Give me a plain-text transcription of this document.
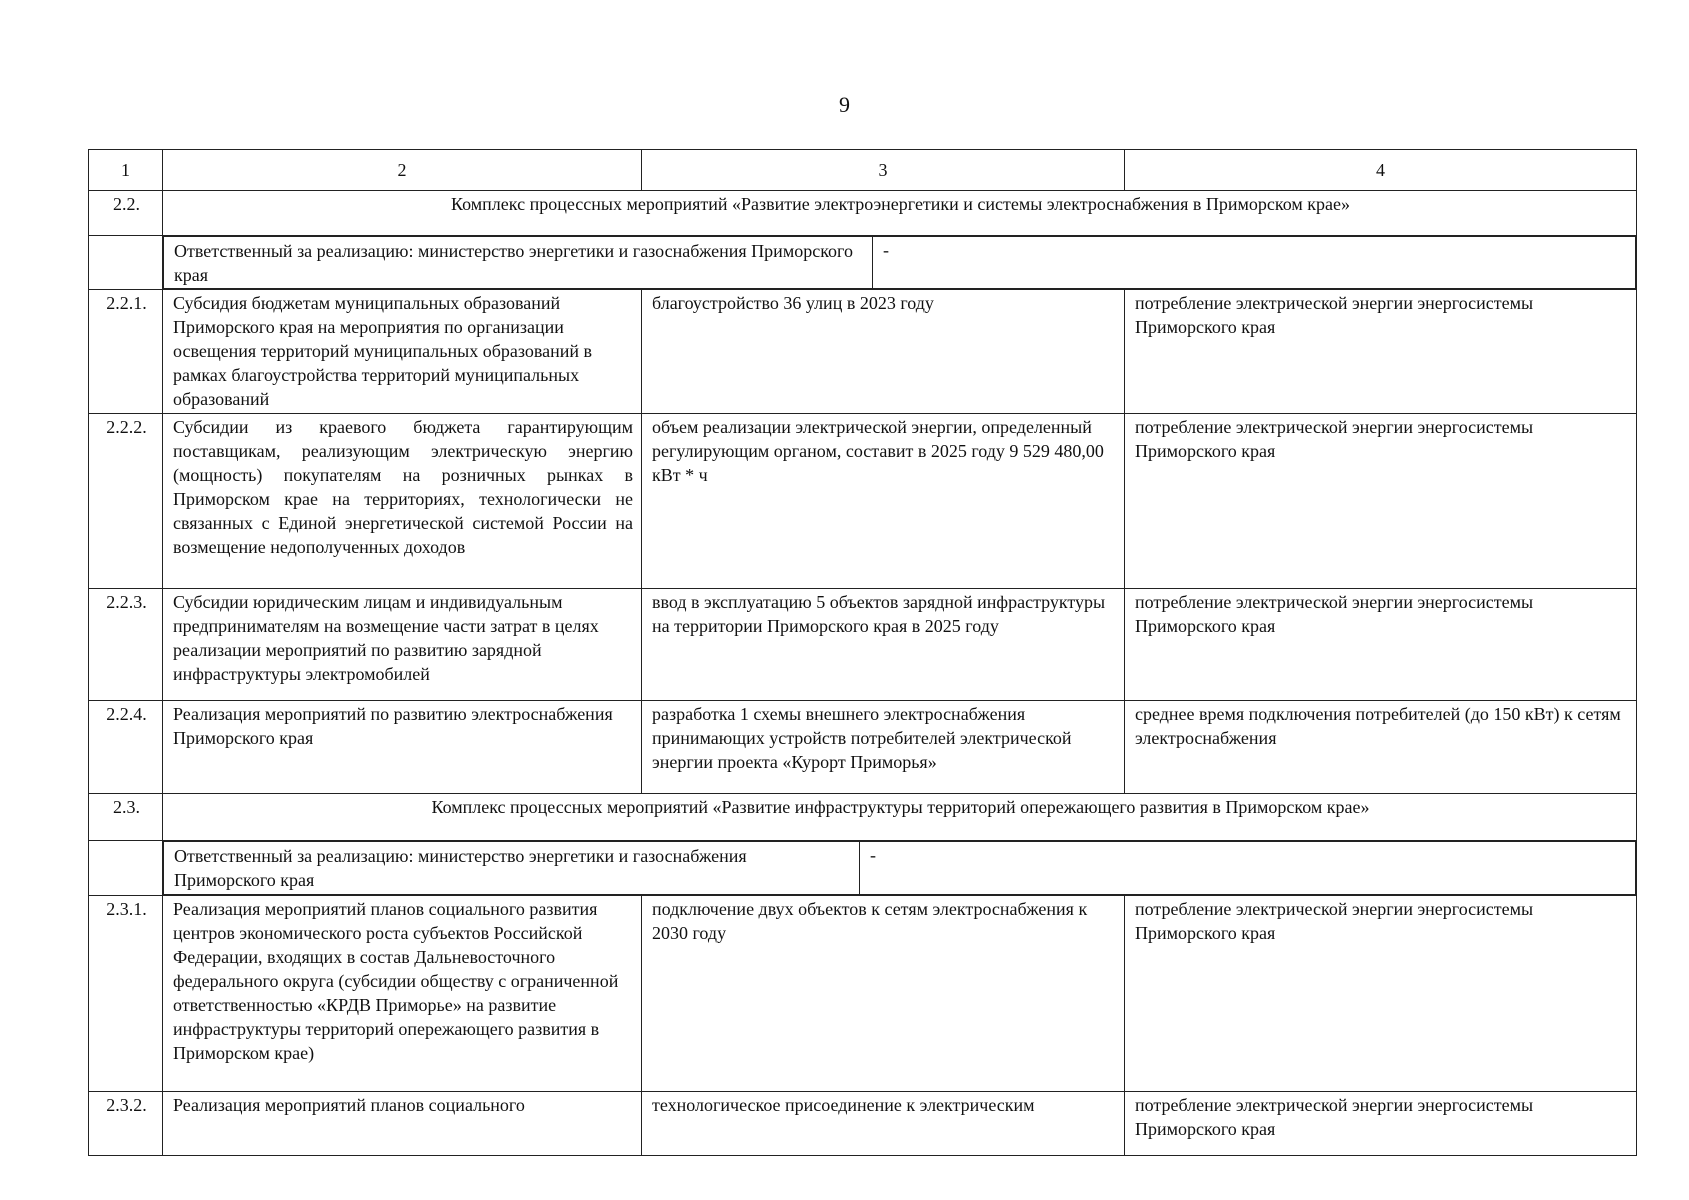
9
1	2	3	4
2.2.	Комплекс процессных мероприятий «Развитие электроэнергетики и системы электроснабжения в Приморском крае»

Ответственный за реализацию: министерство энергетики и газоснабжения Приморского края	-

2.2.1.	Субсидия бюджетам муниципальных образований Приморского края на мероприятия по организации освещения территорий муниципальных образований в рамках благоустройства территорий муниципальных образований	благоустройство 36 улиц в 2023 году	потребление электрической энергии энергосистемы Приморского края
2.2.2.	Субсидии из краевого бюджета гарантирующим поставщикам, реализующим электрическую энергию (мощность) покупателям на розничных рынках в Приморском крае на территориях, технологически не связанных с Единой энергетической системой России на возмещение недополученных доходов	объем реализации электрической энергии, определенный регулирующим органом, составит в 2025 году 9 529 480,00 кВт * ч	потребление электрической энергии энергосистемы Приморского края
2.2.3.	Субсидии юридическим лицам и индивидуальным предпринимателям на возмещение части затрат в целях реализации мероприятий по развитию зарядной инфраструктуры электромобилей	ввод в эксплуатацию 5 объектов зарядной инфраструктуры на территории Приморского края в 2025 году	потребление электрической энергии энергосистемы Приморского края
2.2.4.	Реализация мероприятий по развитию электроснабжения Приморского края	разработка 1 схемы внешнего электроснабжения принимающих устройств потребителей электрической энергии проекта «Курорт Приморья»	среднее время подключения потребителей (до 150 кВт) к сетям электроснабжения
2.3.	Комплекс процессных мероприятий «Развитие инфраструктуры территорий опережающего развития в Приморском крае»

Ответственный за реализацию: министерство энергетики и газоснабжения Приморского края	-

2.3.1.	Реализация мероприятий планов социального развития центров экономического роста субъектов Российской Федерации, входящих в состав Дальневосточного федерального округа (субсидии обществу с ограниченной ответственностью «КРДВ Приморье» на развитие инфраструктуры территорий опережающего развития в Приморском крае)	подключение двух объектов к сетям электроснабжения к 2030 году	потребление электрической энергии энергосистемы Приморского края
2.3.2.	Реализация мероприятий планов социального	технологическое присоединение к электрическим	потребление электрической энергии энергосистемы Приморского края
